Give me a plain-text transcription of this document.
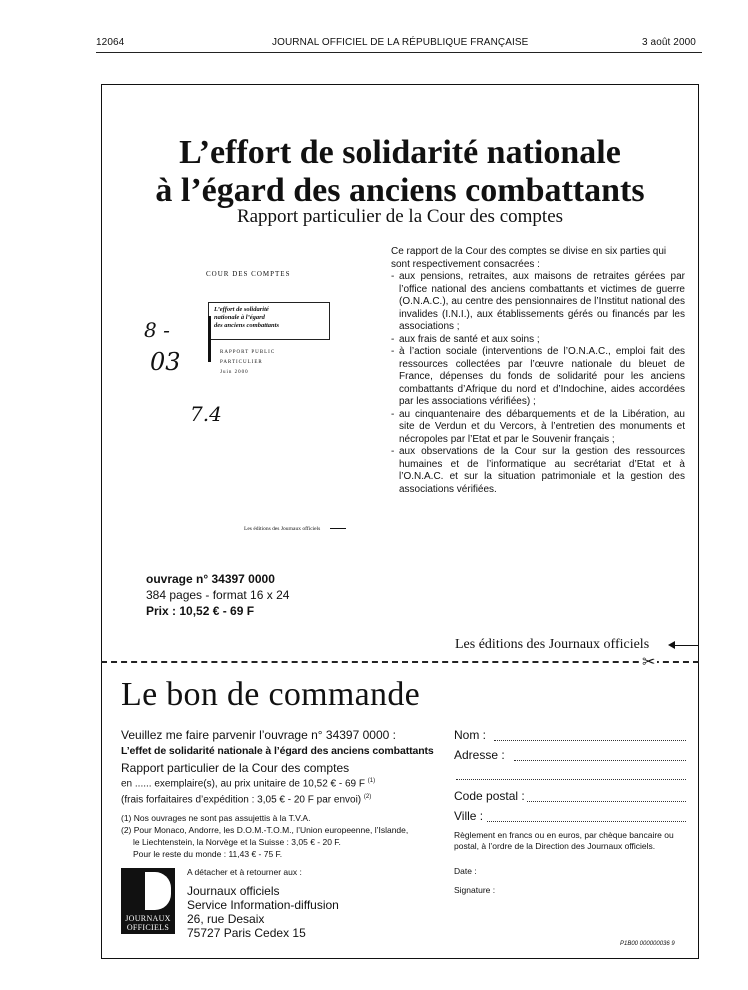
12064	JOURNAL OFFICIEL DE LA RÉPUBLIQUE FRANÇAISE	3 août 2000
L’effort de solidarité nationale
à l’égard des anciens combattants
Rapport particulier de la Cour des comptes
COUR DES COMPTES
L’effort de solidarité
nationale à l’égard
des anciens combattants
RAPPORT PUBLIC
PARTICULIER
Juin 2000
8 -
03
7.4
Les éditions des Journaux officiels

Ce rapport de la Cour des comptes se divise en six parties qui sont respectivement consacrées :

- aux pensions, retraites, aux maisons de retraites gérées par l’office national des anciens combattants et victimes de guerre (O.N.A.C.), au centre des pensionnaires de l’Institut national des invalides (I.N.I.), aux établissements gérés ou financés par les associations ;
- aux frais de santé et aux soins ;
- à l’action sociale (interventions de l’O.N.A.C., emploi fait des ressources collectées par l’œuvre nationale du bleuet de France, dépenses du fonds de solidarité pour les anciens combattants d’Afrique du nord et d’Indochine, aides accordées par les associations vérifiées) ;
- au cinquantenaire des débarquements et de la Libération, au site de Verdun et du Vercors, à l’entretien des monuments et nécropoles par l’Etat et par le Souvenir français ;
- aux observations de la Cour sur la gestion des ressources humaines et de l’informatique au secrétariat d’Etat et à l’O.N.A.C. et sur la situation patrimoniale et la gestion des associations vérifiées.
ouvrage n° 34397 0000
384 pages - format 16 x 24
Prix : 10,52 € - 69 F
Les éditions des Journaux officiels
✂
Le bon de commande
Veuillez me faire parvenir l’ouvrage n° 34397 0000 :
L’effet de solidarité nationale à l’égard des anciens combattants
Rapport particulier de la Cour des comptes
en ...... exemplaire(s), au prix unitaire de 10,52 € - 69 F $^{(1)}$
(frais forfaitaires d’expédition : 3,05 € - 20 F par envoi) $^{(2)}$
(1) Nos ouvrages ne sont pas assujettis à la T.V.A.
(2) Pour Monaco, Andorre, les D.O.M.-T.O.M., l’Union europeenne, l’Islande,
le Liechtenstein, la Norvège et la Suisse : 3,05 € - 20 F.
Pour le reste du monde : 11,43 € - 75 F.
A détacher et à retourner aux :
JOURNAUX
OFFICIELS
Journaux officiels
Service Information-diffusion
26, rue Desaix
75727 Paris Cedex 15
Nom :
Adresse :
Code postal :
Ville :
Règlement en francs ou en euros, par chèque bancaire ou postal, à l’ordre de la Direction des Journaux officiels.
Date :
Signature :
P1B00 000000036 9
